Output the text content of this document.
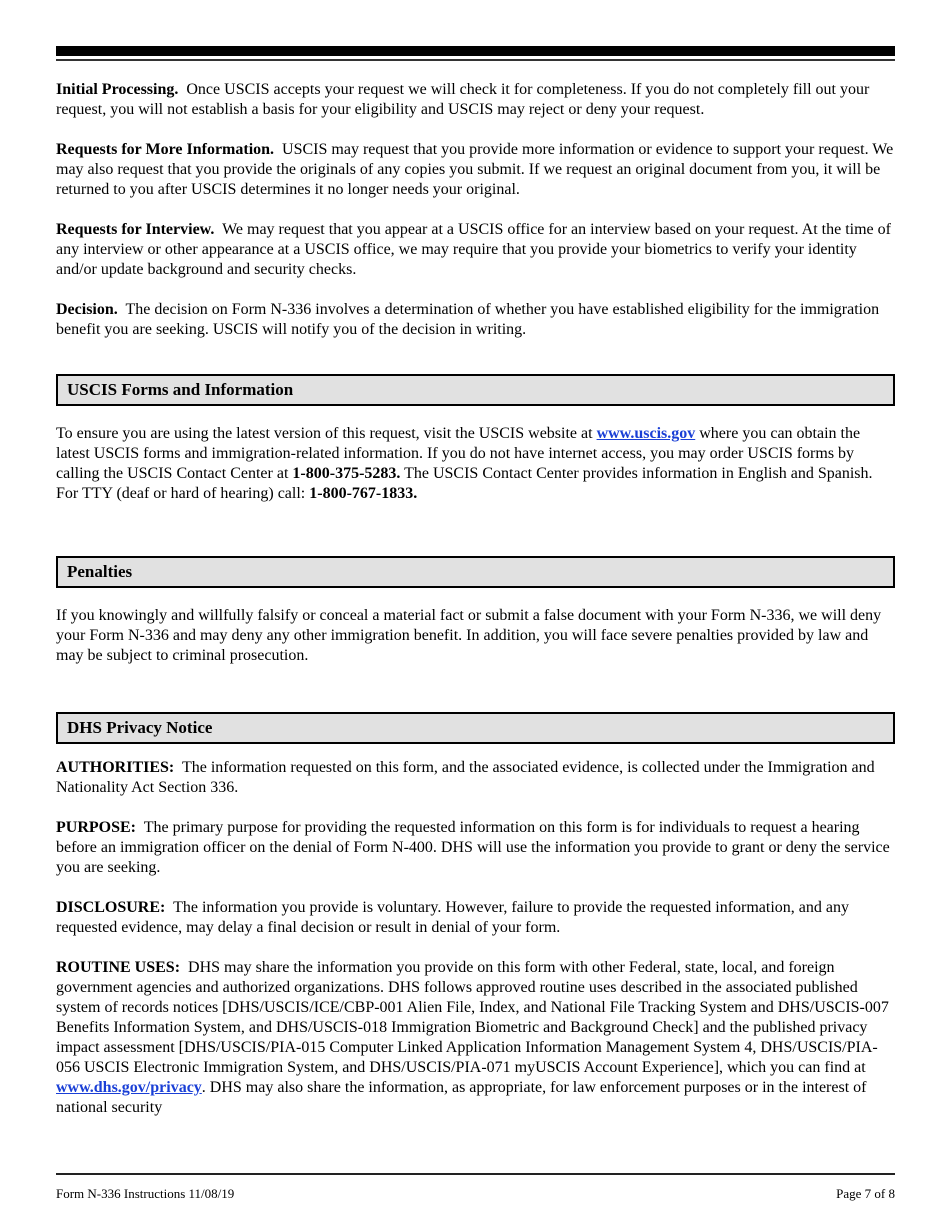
Initial Processing. Once USCIS accepts your request we will check it for completeness. If you do not completely fill out your request, you will not establish a basis for your eligibility and USCIS may reject or deny your request.

Requests for More Information. USCIS may request that you provide more information or evidence to support your request. We may also request that you provide the originals of any copies you submit. If we request an original document from you, it will be returned to you after USCIS determines it no longer needs your original.

Requests for Interview. We may request that you appear at a USCIS office for an interview based on your request. At the time of any interview or other appearance at a USCIS office, we may require that you provide your biometrics to verify your identity and/or update background and security checks.

Decision. The decision on Form N-336 involves a determination of whether you have established eligibility for the immigration benefit you are seeking. USCIS will notify you of the decision in writing.

USCIS Forms and Information

To ensure you are using the latest version of this request, visit the USCIS website at www.uscis.gov where you can obtain the latest USCIS forms and immigration-related information. If you do not have internet access, you may order USCIS forms by calling the USCIS Contact Center at 1-800-375-5283. The USCIS Contact Center provides information in English and Spanish. For TTY (deaf or hard of hearing) call: 1-800-767-1833.

Penalties

If you knowingly and willfully falsify or conceal a material fact or submit a false document with your Form N-336, we will deny your Form N-336 and may deny any other immigration benefit. In addition, you will face severe penalties provided by law and may be subject to criminal prosecution.

DHS Privacy Notice

AUTHORITIES: The information requested on this form, and the associated evidence, is collected under the Immigration and Nationality Act Section 336.

PURPOSE: The primary purpose for providing the requested information on this form is for individuals to request a hearing before an immigration officer on the denial of Form N-400. DHS will use the information you provide to grant or deny the service you are seeking.

DISCLOSURE: The information you provide is voluntary. However, failure to provide the requested information, and any requested evidence, may delay a final decision or result in denial of your form.

ROUTINE USES: DHS may share the information you provide on this form with other Federal, state, local, and foreign government agencies and authorized organizations. DHS follows approved routine uses described in the associated published system of records notices [DHS/USCIS/ICE/CBP-001 Alien File, Index, and National File Tracking System and DHS/USCIS-007 Benefits Information System, and DHS/USCIS-018 Immigration Biometric and Background Check] and the published privacy impact assessment [DHS/USCIS/PIA-015 Computer Linked Application Information Management System 4, DHS/USCIS/PIA-056 USCIS Electronic Immigration System, and DHS/USCIS/PIA-071 myUSCIS Account Experience], which you can find at www.dhs.gov/privacy. DHS may also share the information, as appropriate, for law enforcement purposes or in the interest of national security

Form N-336 Instructions 11/08/19	Page 7 of 8
